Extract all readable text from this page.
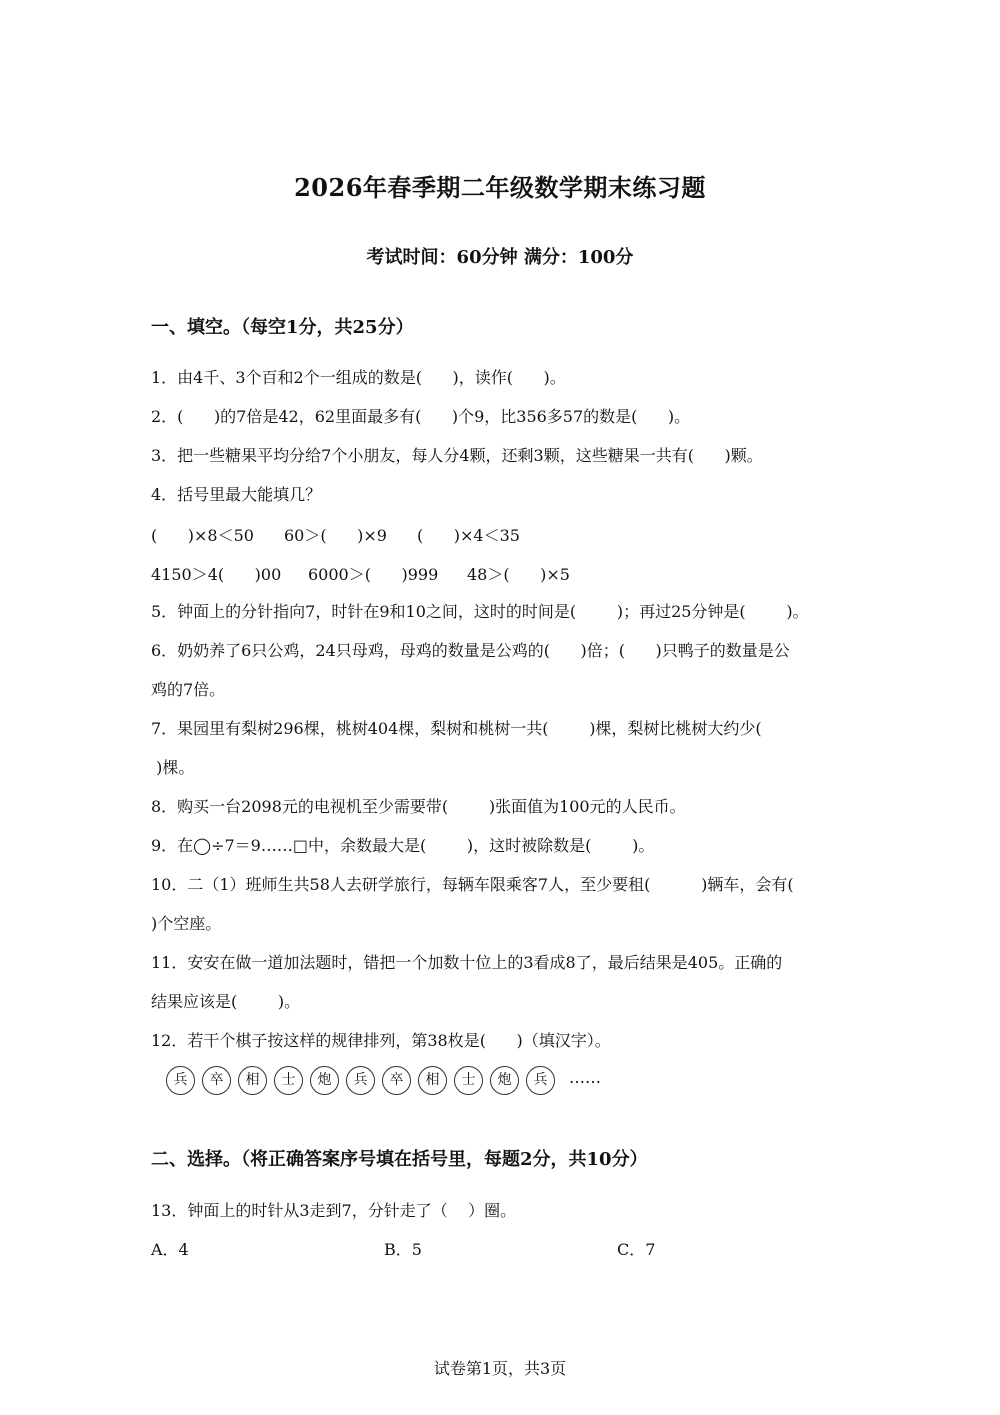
2026年春季期二年级数学期末练习题
考试时间：60分钟 满分：100分
一、填空。（每空1分，共25分）
1．由4千、3个百和2个一组成的数是(      )，读作(      )。
2．(      )的7倍是42，62里面最多有(      )个9，比356多57的数是(      )。
3．把一些糖果平均分给7个小朋友，每人分4颗，还剩3颗，这些糖果一共有(      )颗。
4．括号里最大能填几？

(      )×8＜50

60＞(      )×9

(      )×4＜35

4150＞4(      )00

6000＞(      )999

48＞(      )×5

5．钟面上的分针指向7，时针在9和10之间，这时的时间是(        )；再过25分钟是(        )。
6．奶奶养了6只公鸡，24只母鸡，母鸡的数量是公鸡的(      )倍；(      )只鸭子的数量是公
鸡的7倍。
7．果园里有梨树296棵，桃树404棵，梨树和桃树一共(        )棵，梨树比桃树大约少(
)棵。
8．购买一台2098元的电视机至少需要带(        )张面值为100元的人民币。
9．在◯÷7＝9……□中，余数最大是(        )，这时被除数是(        )。
10．二（1）班师生共58人去研学旅行，每辆车限乘客7人，至少要租(          )辆车，会有(
)个空座。
11．安安在做一道加法题时，错把一个加数十位上的3看成8了，最后结果是405。正确的
结果应该是(        )。
12．若干个棋子按这样的规律排列，第38枚是(      )（填汉字）。
兵	卒	相	士	炮	兵	卒	相	士	炮	兵	……
二、选择。（将正确答案序号填在括号里，每题2分，共10分）
13．钟面上的时针从3走到7，分针走了（    ）圈。
A．4	B．5	C．7
试卷第1页，共3页
